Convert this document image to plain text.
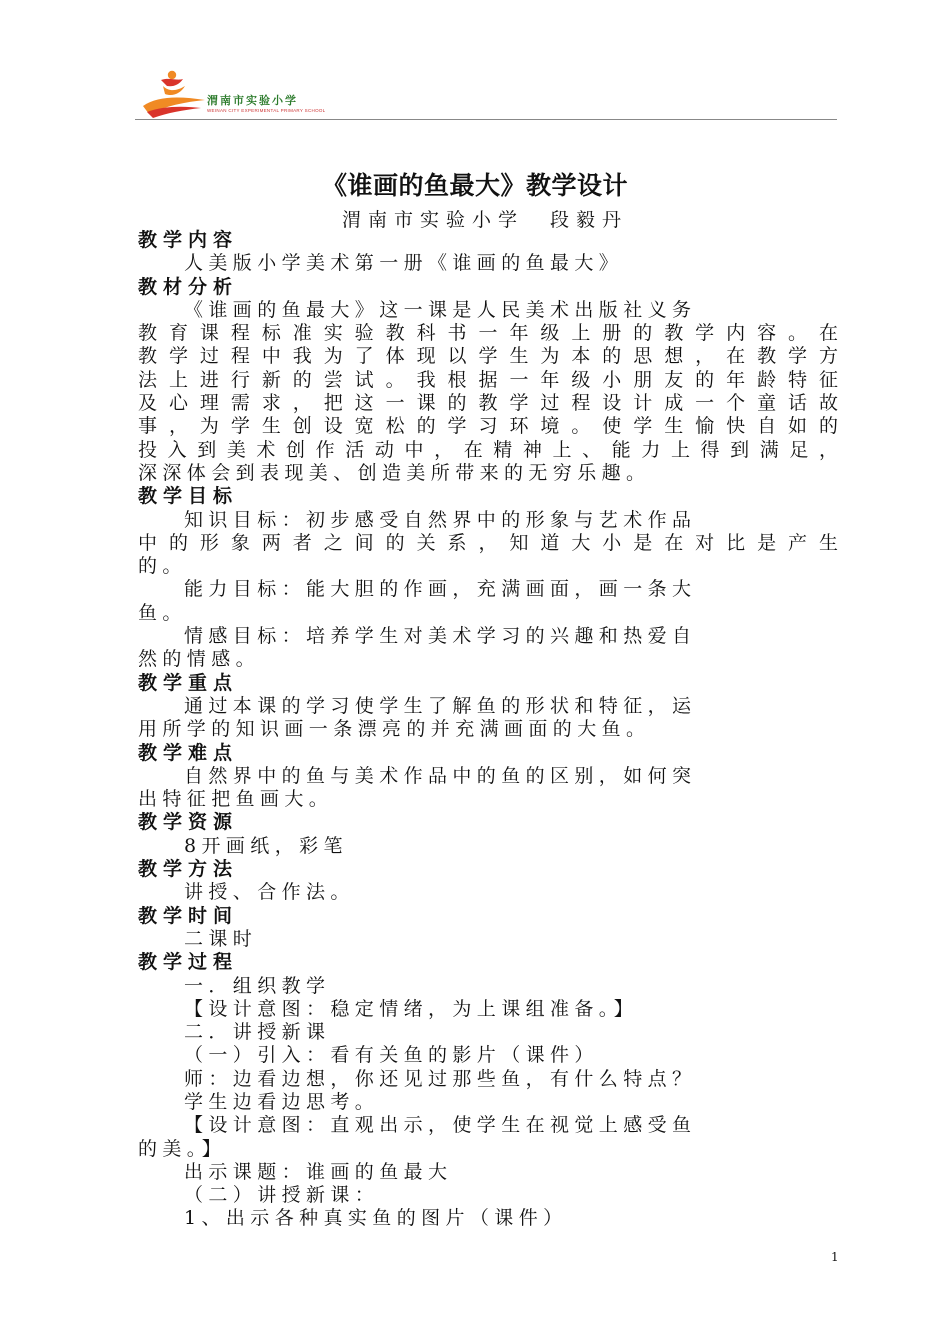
渭南市实验小学
WEINAN CITY EXPERIMENTAL PRIMARY SCHOOL
《谁画的鱼最大》教学设计
渭南市实验小学　段毅丹
教学内容
人美版小学美术第一册《谁画的鱼最大》
教材分析
《谁画的鱼最大》这一课是人民美术出版社义务
教育课程标准实验教科书一年级上册的教学内容。在
教学过程中我为了体现以学生为本的思想，在教学方
法上进行新的尝试。我根据一年级小朋友的年龄特征
及心理需求，把这一课的教学过程设计成一个童话故
事，为学生创设宽松的学习环境。使学生愉快自如的
投入到美术创作活动中，在精神上、能力上得到满足，
深深体会到表现美、创造美所带来的无穷乐趣。
教学目标
知识目标：初步感受自然界中的形象与艺术作品
中的形象两者之间的关系，知道大小是在对比是产生
的。
能力目标：能大胆的作画，充满画面，画一条大
鱼。
情感目标：培养学生对美术学习的兴趣和热爱自
然的情感。
教学重点
通过本课的学习使学生了解鱼的形状和特征，运
用所学的知识画一条漂亮的并充满画面的大鱼。
教学难点
自然界中的鱼与美术作品中的鱼的区别，如何突
出特征把鱼画大。
教学资源
8开画纸，彩笔
教学方法
讲授、合作法。
教学时间
二课时
教学过程
一．组织教学
【设计意图：稳定情绪，为上课组准备。】
二．讲授新课
（一）引入：看有关鱼的影片（课件）
师：边看边想，你还见过那些鱼，有什么特点？
学生边看边思考。
【设计意图：直观出示，使学生在视觉上感受鱼
的美。】
出示课题：谁画的鱼最大
（二）讲授新课：
1、出示各种真实鱼的图片（课件）
1
